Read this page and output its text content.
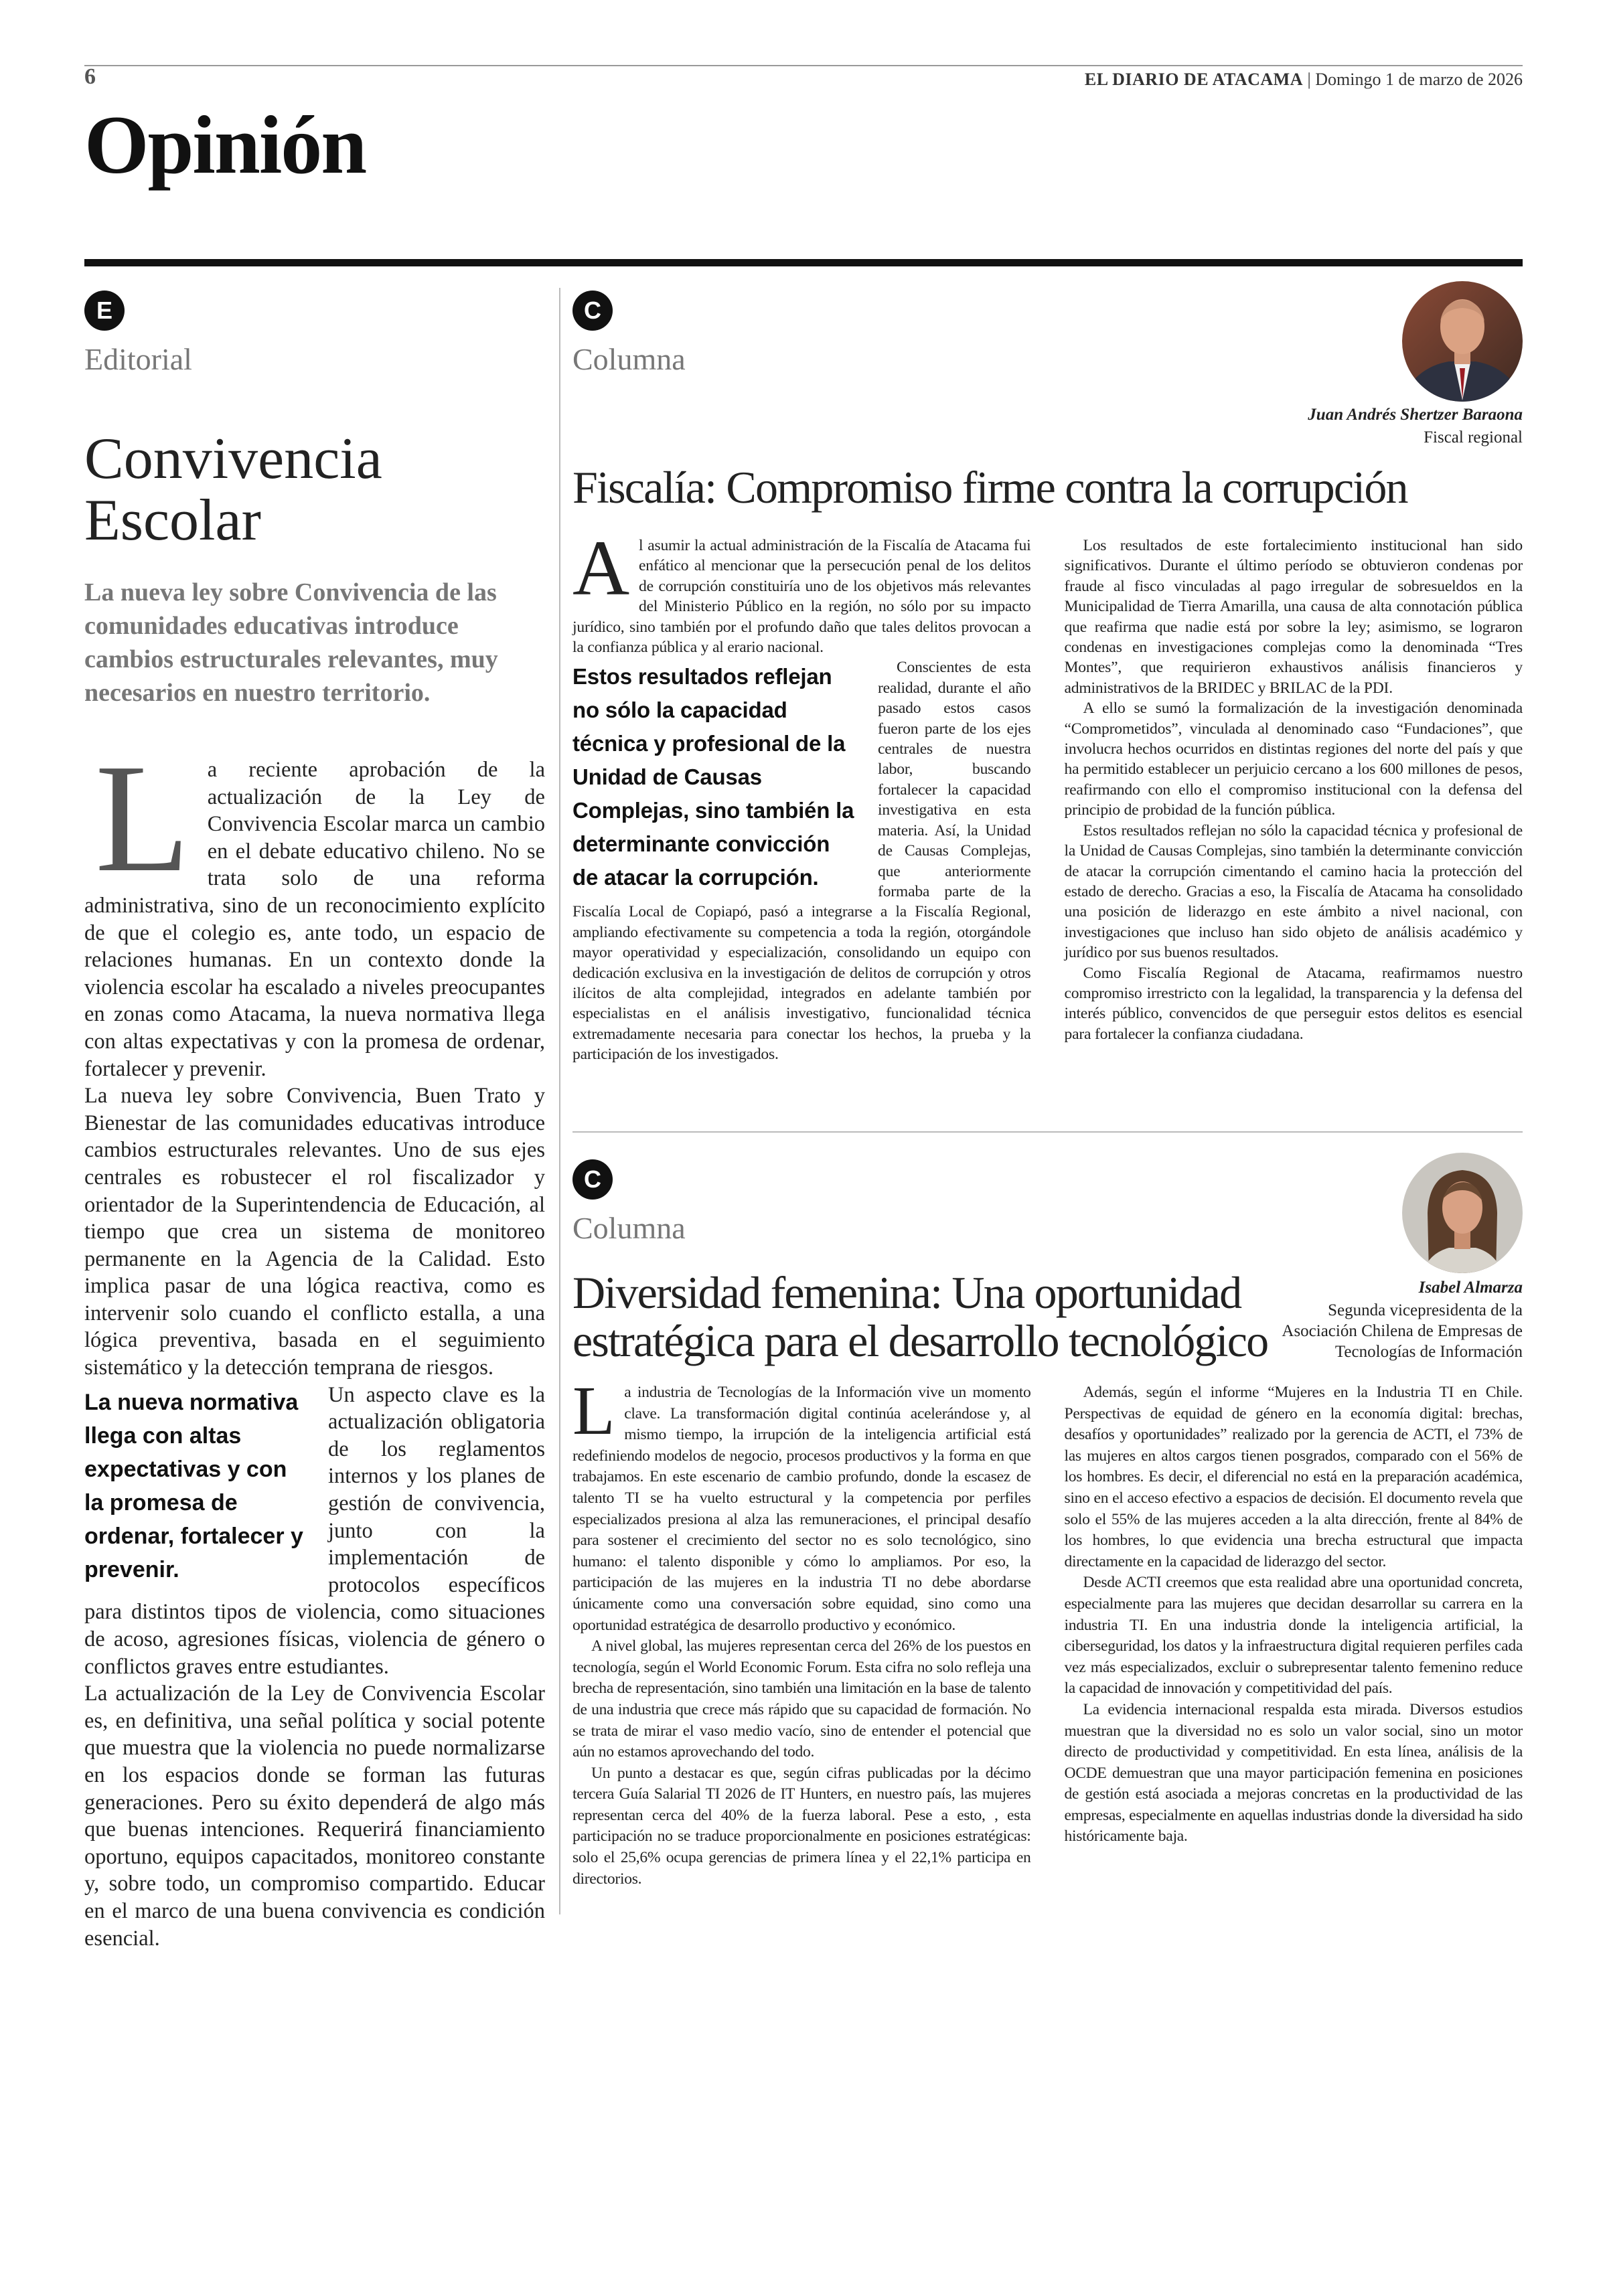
6	EL DIARIO DE ATACAMA | Domingo 1 de marzo de 2026
Opinión
E
Editorial
Convivencia Escolar
La nueva ley sobre Convivencia de las comunidades educativas introduce cambios estructurales relevantes, muy necesarios en nuestro territorio.

La reciente aprobación de la actualización de la Ley de Convivencia Escolar marca un cambio en el debate educativo chileno. No se trata solo de una reforma administrativa, sino de un reconocimiento explícito de que el colegio es, ante todo, un espacio de relaciones humanas. En un contexto donde la violencia escolar ha escalado a niveles preocupantes en zonas como Atacama, la nueva normativa llega con altas expectativas y con la promesa de ordenar, fortalecer y prevenir.

La nueva ley sobre Convivencia, Buen Trato y Bienestar de las comunidades educativas introduce cambios estructurales relevantes. Uno de sus ejes centrales es robustecer el rol fiscalizador y orientador de la Superintendencia de Educación, al tiempo que crea un sistema de monitoreo permanente en la Agencia de la Calidad. Esto implica pasar de una lógica reactiva, como es intervenir solo cuando el conflicto estalla, a una lógica preventiva, basada en el seguimiento sistemático y la detección temprana de riesgos.

La nueva normativa llega con altas expectativas y con la promesa de ordenar, fortalecer y prevenir.
Un aspecto clave es la actualización obligatoria de los reglamentos internos y los planes de gestión de convivencia, junto con la implementación de protocolos específicos para distintos tipos de violencia, como situaciones de acoso, agresiones físicas, violencia de género o conflictos graves entre estudiantes.

La actualización de la Ley de Convivencia Escolar es, en definitiva, una señal política y social potente que muestra que la violencia no puede normalizarse en los espacios donde se forman las futuras generaciones. Pero su éxito dependerá de algo más que buenas intenciones. Requerirá financiamiento oportuno, equipos capacitados, monitoreo constante y, sobre todo, un compromiso compartido. Educar en el marco de una buena convivencia es condición esencial.

C
Columna
Juan Andrés Shertzer Baraona
Fiscal regional
Fiscalía: Compromiso firme contra la corrupción

Al asumir la actual administración de la Fiscalía de Atacama fui enfático al mencionar que la persecución penal de los delitos de corrupción constituiría uno de los objetivos más relevantes del Ministerio Público en la región, no sólo por su impacto jurídico, sino también por el profundo daño que tales delitos provocan a la confianza pública y al erario nacional.

Estos resultados reflejan no sólo la capacidad técnica y profesional de la Unidad de Causas Complejas, sino también la determinante convicción de atacar la corrupción.
Conscientes de esta realidad, durante el año pasado estos casos fueron parte de los ejes centrales de nuestra labor, buscando fortalecer la capacidad investigativa en esta materia. Así, la Unidad de Causas Complejas, que anteriormente formaba parte de la Fiscalía Local de Copiapó, pasó a integrarse a la Fiscalía Regional, ampliando efectivamente su competencia a toda la región, otorgándole mayor operatividad y especialización, consolidando un equipo con dedicación exclusiva en la investigación de delitos de corrupción y otros ilícitos de alta complejidad, integrados en adelante también por especialistas en el análisis investigativo, funcionalidad técnica extremadamente necesaria para conectar los hechos, la prueba y la participación de los investigados.

Los resultados de este fortalecimiento institucional han sido significativos. Durante el último período se obtuvieron condenas por fraude al fisco vinculadas al pago irregular de sobresueldos en la Municipalidad de Tierra Amarilla, una causa de alta connotación pública que reafirma que nadie está por sobre la ley; asimismo, se lograron condenas en investigaciones complejas como la denominada “Tres Montes”, que requirieron exhaustivos análisis financieros y administrativos de la BRIDEC y BRILAC de la PDI.

A ello se sumó la formalización de la investigación denominada “Comprometidos”, vinculada al denominado caso “Fundaciones”, que involucra hechos ocurridos en distintas regiones del norte del país y que ha permitido establecer un perjuicio cercano a los 600 millones de pesos, reafirmando con ello el compromiso institucional con la defensa del principio de probidad de la función pública.

Estos resultados reflejan no sólo la capacidad técnica y profesional de la Unidad de Causas Complejas, sino también la determinante convicción de atacar la corrupción cimentando el camino hacia la protección del estado de derecho. Gracias a eso, la Fiscalía de Atacama ha consolidado una posición de liderazgo en este ámbito a nivel nacional, con investigaciones que incluso han sido objeto de análisis académico y jurídico por sus buenos resultados.

Como Fiscalía Regional de Atacama, reafirmamos nuestro compromiso irrestricto con la legalidad, la transparencia y la defensa del interés público, convencidos de que perseguir estos delitos es esencial para fortalecer la confianza ciudadana.

C
Columna
Isabel Almarza
Segunda vicepresidenta de la Asociación Chilena de Empresas de Tecnologías de Información
Diversidad femenina: Una oportunidad estratégica para el desarrollo tecnológico

La industria de Tecnologías de la Información vive un momento clave. La transformación digital continúa acelerándose y, al mismo tiempo, la irrupción de la inteligencia artificial está redefiniendo modelos de negocio, procesos productivos y la forma en que trabajamos. En este escenario de cambio profundo, donde la escasez de talento TI se ha vuelto estructural y la competencia por perfiles especializados presiona al alza las remuneraciones, el principal desafío para sostener el crecimiento del sector no es solo tecnológico, sino humano: el talento disponible y cómo lo ampliamos. Por eso, la participación de las mujeres en la industria TI no debe abordarse únicamente como una conversación sobre equidad, sino como una oportunidad estratégica de desarrollo productivo y económico.

A nivel global, las mujeres representan cerca del 26% de los puestos en tecnología, según el World Economic Forum. Esta cifra no solo refleja una brecha de representación, sino también una limitación en la base de talento de una industria que crece más rápido que su capacidad de formación. No se trata de mirar el vaso medio vacío, sino de entender el potencial que aún no estamos aprovechando del todo.

Un punto a destacar es que, según cifras publicadas por la décimo tercera Guía Salarial TI 2026 de IT Hunters, en nuestro país, las mujeres representan cerca del 40% de la fuerza laboral. Pese a esto, , esta participación no se traduce proporcionalmente en posiciones estratégicas: solo el 25,6% ocupa gerencias de primera línea y el 22,1% participa en directorios.

Además, según el informe “Mujeres en la Industria TI en Chile. Perspectivas de equidad de género en la economía digital: brechas, desafíos y oportunidades” realizado por la gerencia de ACTI, el 73% de las mujeres en altos cargos tienen posgrados, comparado con el 56% de los hombres. Es decir, el diferencial no está en la preparación académica, sino en el acceso efectivo a espacios de decisión. El documento revela que solo el 55% de las mujeres acceden a la alta dirección, frente al 84% de los hombres, lo que evidencia una brecha estructural que impacta directamente en la capacidad de liderazgo del sector.

Desde ACTI creemos que esta realidad abre una oportunidad concreta, especialmente para las mujeres que decidan desarrollar su carrera en la industria TI. En una industria donde la inteligencia artificial, la ciberseguridad, los datos y la infraestructura digital requieren perfiles cada vez más especializados, excluir o subrepresentar talento femenino reduce la capacidad de innovación y competitividad del país.

La evidencia internacional respalda esta mirada. Diversos estudios muestran que la diversidad no es solo un valor social, sino un motor directo de productividad y competitividad. En esta línea, análisis de la OCDE demuestran que una mayor participación femenina en posiciones de gestión está asociada a mejoras concretas en la productividad de las empresas, especialmente en aquellas industrias donde la diversidad ha sido históricamente baja.
